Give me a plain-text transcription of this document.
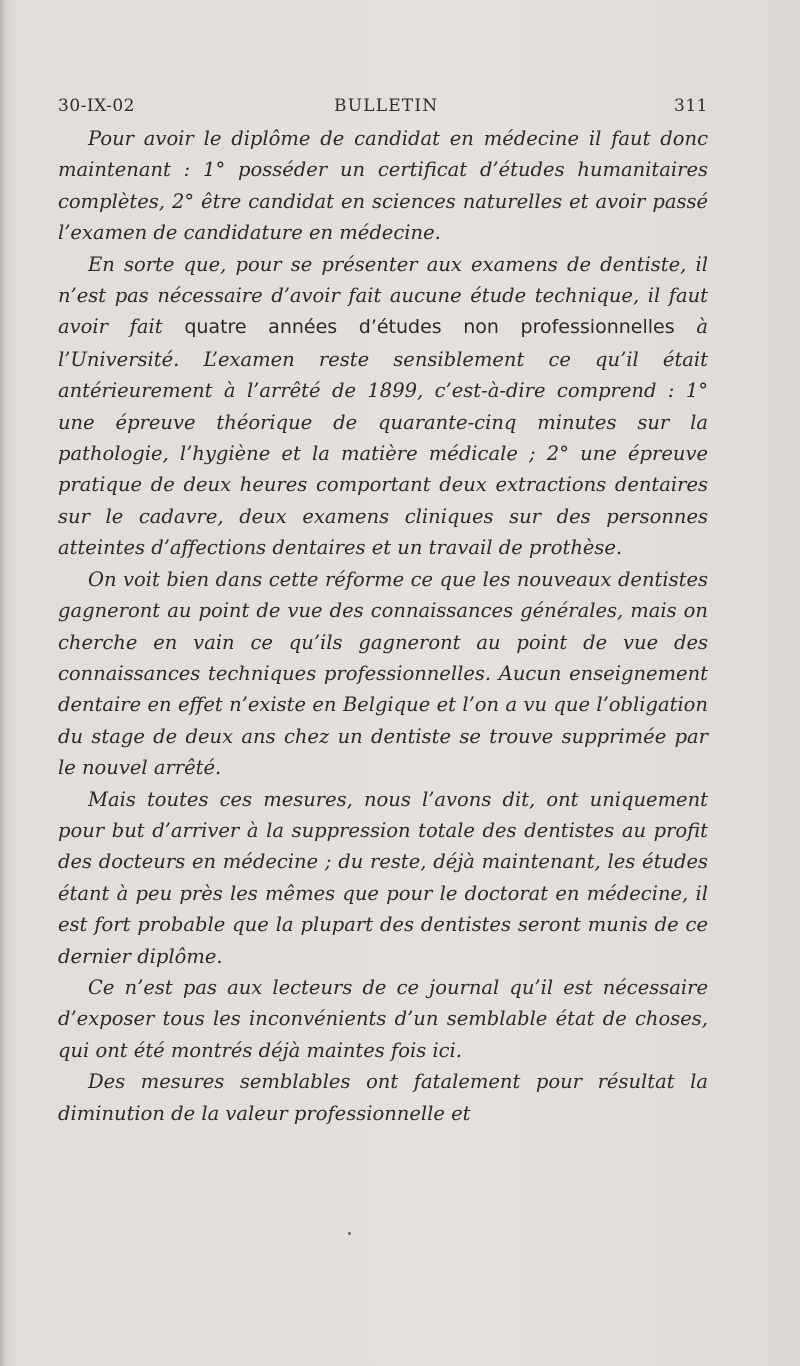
30-IX-02	BULLETIN	311

Pour avoir le diplôme de candidat en médecine il faut donc maintenant : 1° posséder un certificat d’études humanitaires complètes, 2° être candidat en sciences naturelles et avoir passé l’examen de candidature en médecine.

En sorte que, pour se présenter aux examens de dentiste, il n’est pas nécessaire d’avoir fait aucune étude technique, il faut avoir fait quatre années d’études non professionnelles à l’Université. L’examen reste sensiblement ce qu’il était antérieurement à l’arrêté de 1899, c’est-à-dire comprend : 1° une épreuve théorique de quarante-cinq minutes sur la pathologie, l’hygiène et la matière médicale ; 2° une épreuve pratique de deux heures comportant deux extractions dentaires sur le cadavre, deux examens cliniques sur des personnes atteintes d’affections dentaires et un travail de prothèse.

On voit bien dans cette réforme ce que les nouveaux dentistes gagneront au point de vue des connaissances générales, mais on cherche en vain ce qu’ils gagneront au point de vue des connaissances techniques professionnelles. Aucun enseignement dentaire en effet n’existe en Belgique et l’on a vu que l’obligation du stage de deux ans chez un dentiste se trouve supprimée par le nouvel arrêté.

Mais toutes ces mesures, nous l’avons dit, ont uniquement pour but d’arriver à la suppression totale des dentistes au profit des docteurs en médecine ; du reste, déjà maintenant, les études étant à peu près les mêmes que pour le doctorat en médecine, il est fort probable que la plupart des dentistes seront munis de ce dernier diplôme.

Ce n’est pas aux lecteurs de ce journal qu’il est nécessaire d’exposer tous les inconvénients d’un semblable état de choses, qui ont été montrés déjà maintes fois ici.

Des mesures semblables ont fatalement pour résultat la diminution de la valeur professionnelle et
